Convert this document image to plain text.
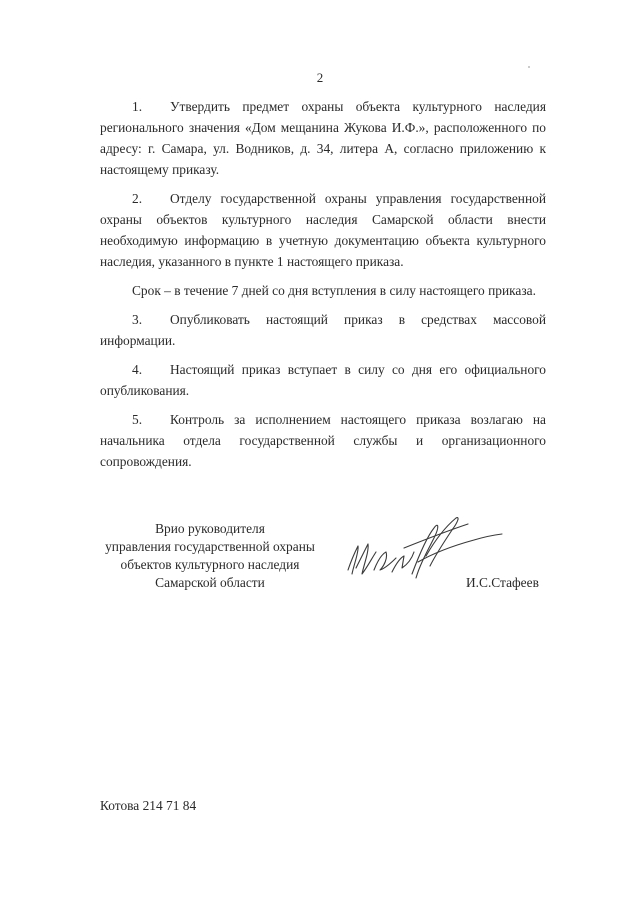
2

1. Утвердить предмет охраны объекта культурного наследия регионального значения «Дом мещанина Жукова И.Ф.», расположенного по адресу: г. Самара, ул. Водников, д. 34, литера А, согласно приложению к настоящему приказу.

2. Отделу государственной охраны управления государственной охраны объектов культурного наследия Самарской области внести необходимую информацию в учетную документацию объекта культурного наследия, указанного в пункте 1 настоящего приказа.

Срок – в течение 7 дней со дня вступления в силу настоящего приказа.

3. Опубликовать настоящий приказ в средствах массовой информации.

4. Настоящий приказ вступает в силу со дня его официального опубликования.

5. Контроль за исполнением настоящего приказа возлагаю на начальника отдела государственной службы и организационного сопровождения.

Врио руководителя
управления государственной охраны
объектов культурного наследия
Самарской области	И.С.Стафеев
Котова 214 71 84
